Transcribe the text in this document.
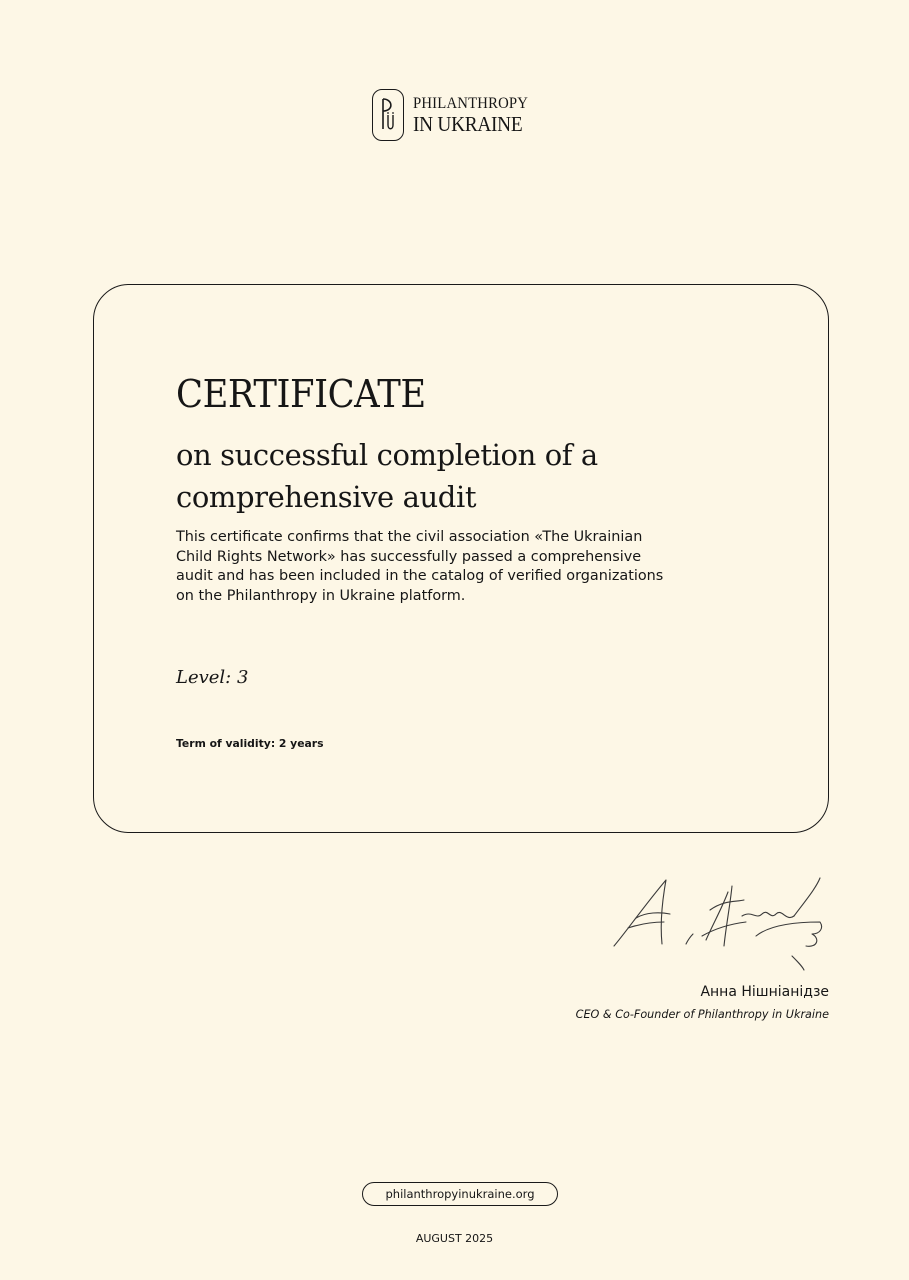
PHILANTHROPY
IN UKRAINE
CERTIFICATE
on successful completion of a comprehensive audit

This certificate confirms that the civil association «The Ukrainian Child Rights Network» has successfully passed a comprehensive audit and has been included in the catalog of verified organizations on the Philanthropy in Ukraine platform.

Level: 3
Term of validity: 2 years
Анна Нішніанідзе
CEO & Co-Founder of Philanthropy in Ukraine
philanthropyinukraine.org
AUGUST 2025
